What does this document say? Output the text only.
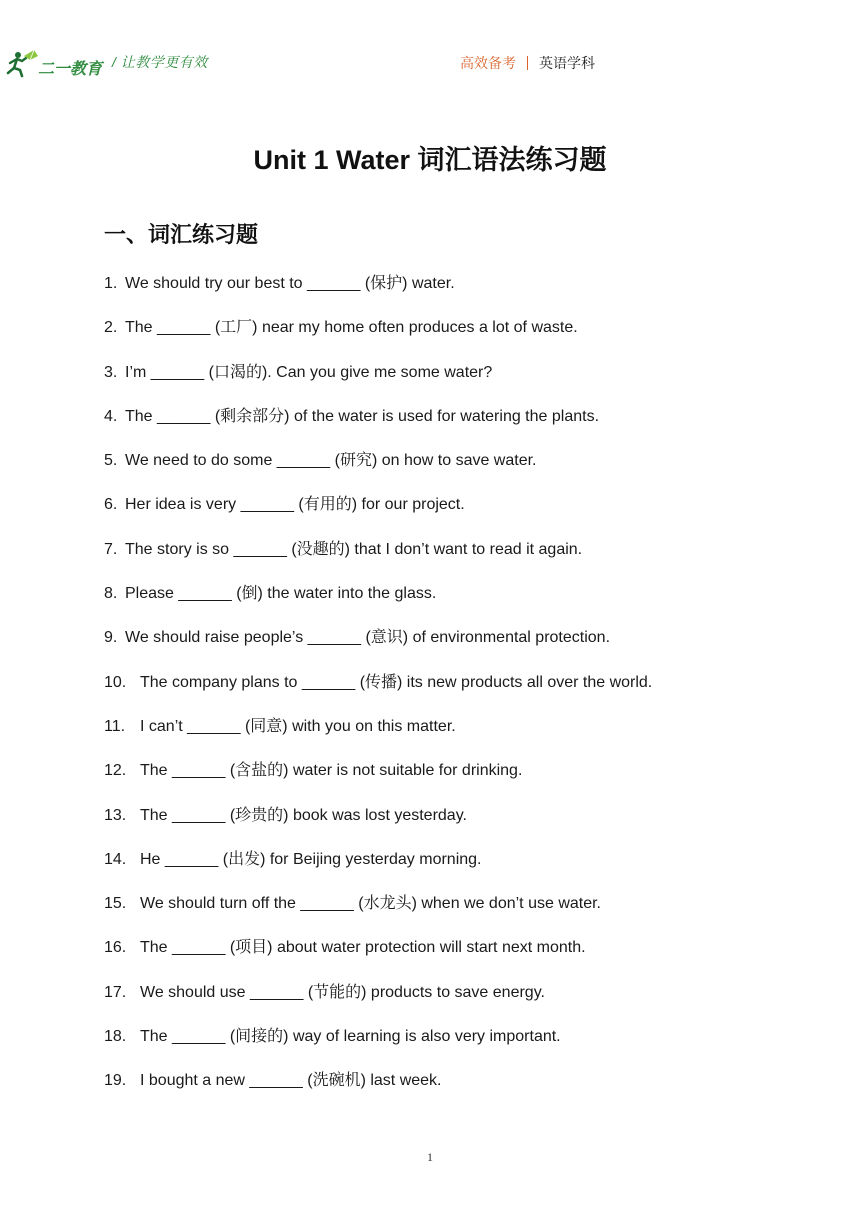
二一教育 / 让教学更有效	高效备考 英语学科
Unit 1 Water 词汇语法练习题
一、词汇练习题
1. We should try our best to ______ (保护) water.
2. The ______ (工厂) near my home often produces a lot of waste.
3. I’m ______ (口渴的). Can you give me some water?
4. The ______ (剩余部分) of the water is used for watering the plants.
5. We need to do some ______ (研究) on how to save water.
6. Her idea is very ______ (有用的) for our project.
7. The story is so ______ (没趣的) that I don’t want to read it again.
8. Please ______ (倒) the water into the glass.
9. We should raise people’s ______ (意识) of environmental protection.
10. The company plans to ______ (传播) its new products all over the world.
11. I can’t ______ (同意) with you on this matter.
12. The ______ (含盐的) water is not suitable for drinking.
13. The ______ (珍贵的) book was lost yesterday.
14. He ______ (出发) for Beijing yesterday morning.
15. We should turn off the ______ (水龙头) when we don’t use water.
16. The ______ (项目) about water protection will start next month.
17. We should use ______ (节能的) products to save energy.
18. The ______ (间接的) way of learning is also very important.
19. I bought a new ______ (洗碗机) last week.
1
